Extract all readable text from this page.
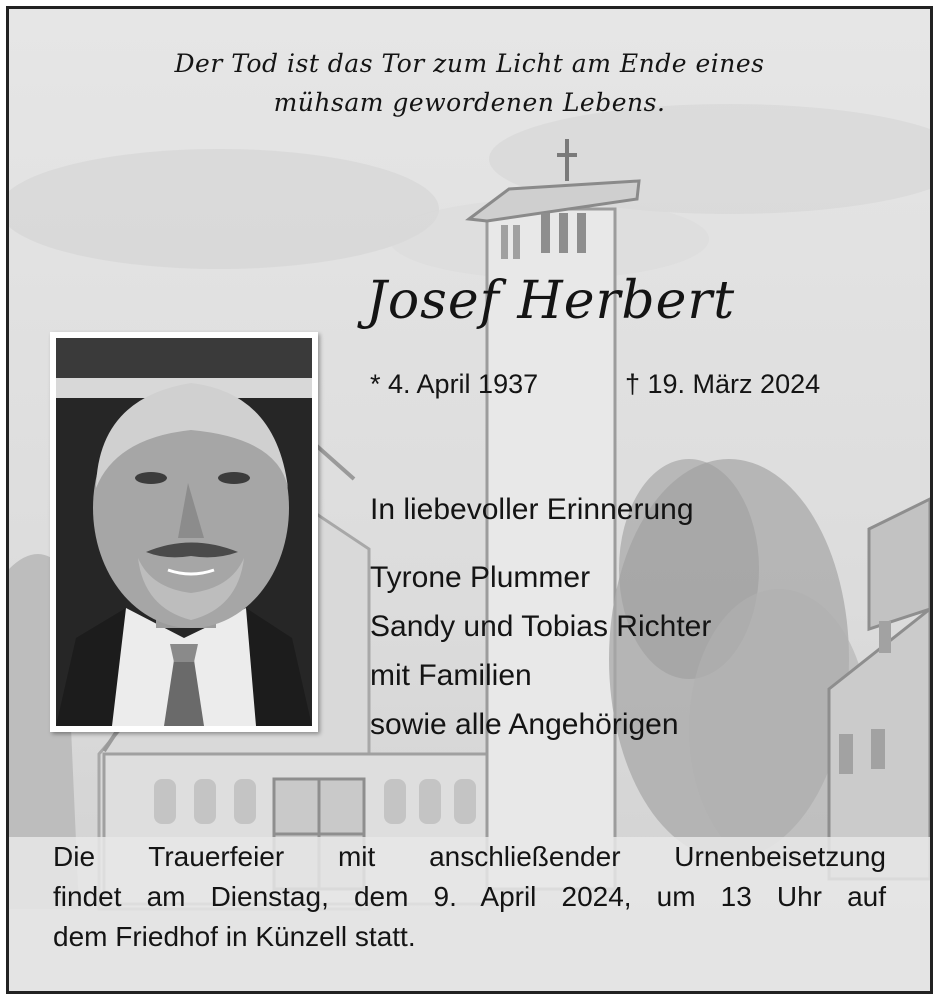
Der Tod ist das Tor zum Licht am Ende eines
mühsam gewordenen Lebens.
Josef Herbert
* 4. April 1937	† 19. März 2024
In liebevoller Erinnerung
Tyrone Plummer
Sandy und Tobias Richter
mit Familien
sowie alle Angehörigen
Die Trauerfeier mit anschließender Urnenbeisetzung
findet am Dienstag, dem 9. April 2024, um 13 Uhr auf
dem Friedhof in Künzell statt.
